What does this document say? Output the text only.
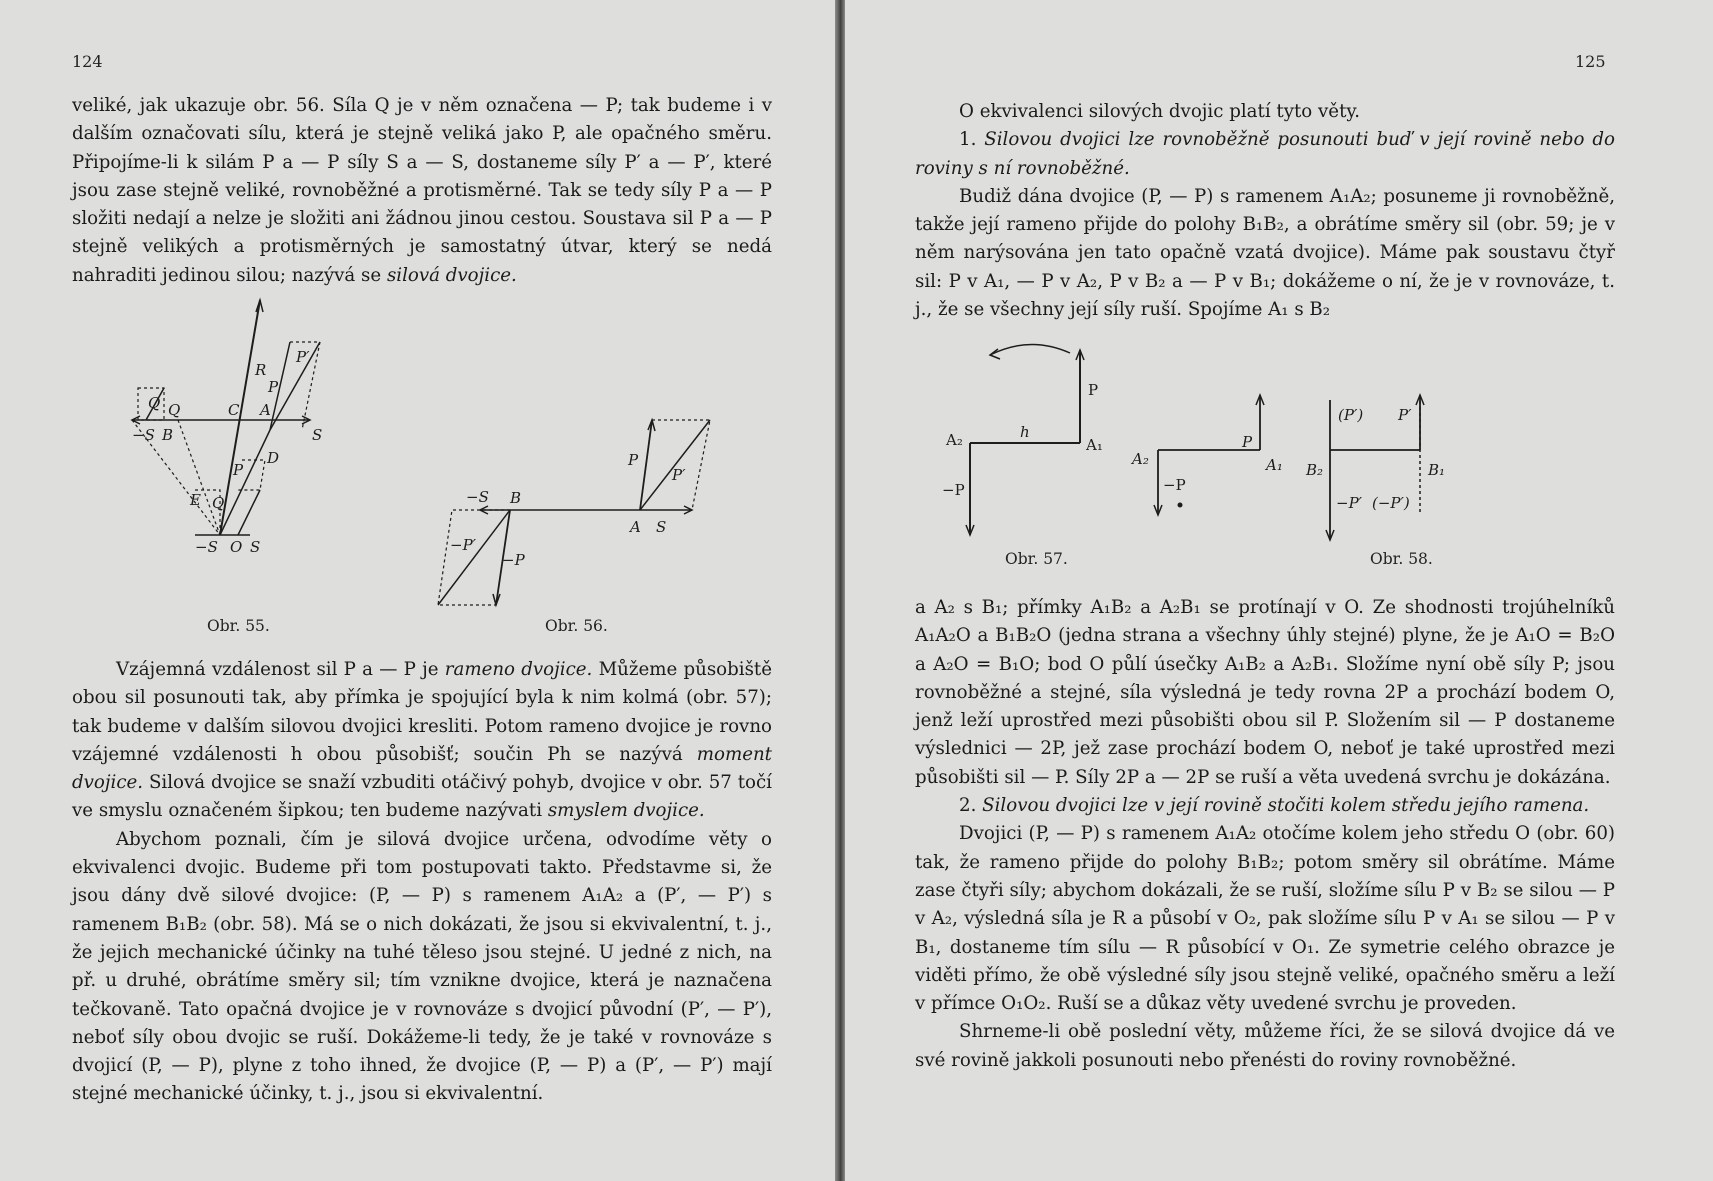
124

veliké, jak ukazuje obr. 56. Síla Q je v něm označena — P; tak budeme i v dalším označovati sílu, která je stejně veliká jako P, ale opačného směru. Připojíme-li k silám P a — P síly S a — S, dostaneme síly P′ a — P′, které jsou zase stejně veliké, rovnoběžné a protisměrné. Tak se tedy síly P a — P složiti nedají a nelze je složiti ani žádnou jinou cestou. Soustava sil P a — P stejně velikých a protisměrných je samostatný útvar, který se nedá nahraditi jedinou silou; nazývá se silová dvojice.

R
P′
P
Q Q	C A
−S B	S
P
D
E Q
−S O S
Obr. 55.
P
P′
−S B
A S
−P′
−P
Obr. 56.

Vzájemná vzdálenost sil P a — P je rameno dvojice. Můžeme působiště obou sil posunouti tak, aby přímka je spojující byla k nim kolmá (obr. 57); tak budeme v dalším silovou dvojici kresliti. Potom rameno dvojice je rovno vzájemné vzdálenosti h obou působišť; součin Ph se nazývá moment dvojice. Silová dvojice se snaží vzbuditi otáčivý pohyb, dvojice v obr. 57 točí ve smyslu označeném šipkou; ten budeme nazývati smyslem dvojice.

Abychom poznali, čím je silová dvojice určena, odvodíme věty o ekvivalenci dvojic. Budeme při tom postupovati takto. Představme si, že jsou dány dvě silové dvojice: (P, — P) s ramenem A₁A₂ a (P′, — P′) s ramenem B₁B₂ (obr. 58). Má se o nich dokázati, že jsou si ekvivalentní, t. j., že jejich mechanické účinky na tuhé těleso jsou stejné. U jedné z nich, na př. u druhé, obrátíme směry sil; tím vznikne dvojice, která je naznačena tečkovaně. Tato opačná dvojice je v rovnováze s dvojicí původní (P′, — P′), neboť síly obou dvojic se ruší. Dokážeme-li tedy, že je také v rovnováze s dvojicí (P, — P), plyne z toho ihned, že dvojice (P, — P) a (P′, — P′) mají stejné mechanické účinky, t. j., jsou si ekvivalentní.

125

O ekvivalenci silových dvojic platí tyto věty.

1. Silovou dvojici lze rovnoběžně posunouti buď v její rovině nebo do roviny s ní rovnoběžné.

Budiž dána dvojice (P, — P) s ramenem A₁A₂; posuneme ji rovnoběžně, takže její rameno přijde do polohy B₁B₂, a obrátíme směry sil (obr. 59; je v něm narýsována jen tato opačně vzatá dvojice). Máme pak soustavu čtyř sil: P v A₁, — P v A₂, P v B₂ a — P v B₁; dokážeme o ní, že je v rovnováze, t. j., že se všechny její síly ruší. Spojíme A₁ s B₂

P
A₂	h
A₁
−P
Obr. 57.
P
A₂	A₁
−P
(P′) P′
B₂	B₁
−P′ (−P′)
Obr. 58.

a A₂ s B₁; přímky A₁B₂ a A₂B₁ se protínají v O. Ze shodnosti trojúhelníků A₁A₂O a B₁B₂O (jedna strana a všechny úhly stejné) plyne, že je A₁O = B₂O a A₂O = B₁O; bod O půlí úsečky A₁B₂ a A₂B₁. Složíme nyní obě síly P; jsou rovnoběžné a stejné, síla výsledná je tedy rovna 2P a prochází bodem O, jenž leží uprostřed mezi působišti obou sil P. Složením sil — P dostaneme výslednici — 2P, jež zase prochází bodem O, neboť je také uprostřed mezi působišti sil — P. Síly 2P a — 2P se ruší a věta uvedená svrchu je dokázána.

2. Silovou dvojici lze v její rovině stočiti kolem středu jejího ramena.

Dvojici (P, — P) s ramenem A₁A₂ otočíme kolem jeho středu O (obr. 60) tak, že rameno přijde do polohy B₁B₂; potom směry sil obrátíme. Máme zase čtyři síly; abychom dokázali, že se ruší, složíme sílu P v B₂ se silou — P v A₂, výsledná síla je R a působí v O₂, pak složíme sílu P v A₁ se silou — P v B₁, dostaneme tím sílu — R působící v O₁. Ze symetrie celého obrazce je viděti přímo, že obě výsledné síly jsou stejně veliké, opačného směru a leží v přímce O₁O₂. Ruší se a důkaz věty uvedené svrchu je proveden.

Shrneme-li obě poslední věty, můžeme říci, že se silová dvojice dá ve své rovině jakkoli posunouti nebo přenésti do roviny rovnoběžné.
